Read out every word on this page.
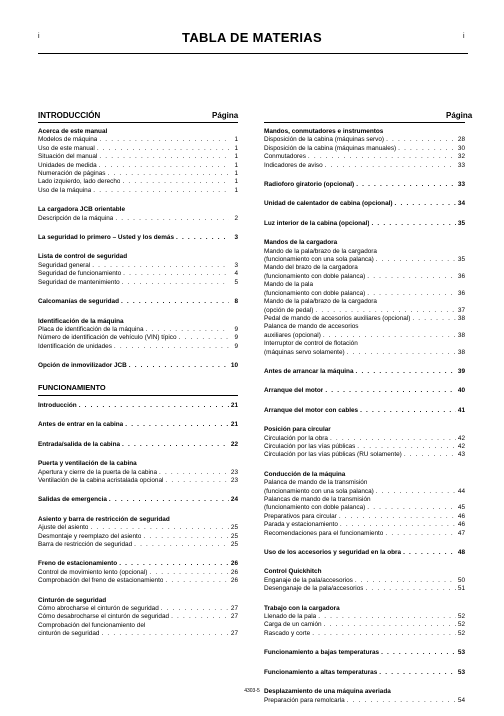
i	i
TABLA DE MATERIAS
INTRODUCCIÓN	Página	Página
Acerca de este manual
Modelos de máquina . . .	1
Uso de este manual . . .	1
Situación del manual . . .	1
Unidades de medida . . .	1
Numeración de páginas . . .	1
Lado izquierdo, lado derecho . . .	1
Uso de la máquina . . .	1
La cargadora JCB orientable
Descripción de la máquina . . .	2
La seguridad lo primero – Usted y los demás . . .	3
Lista de control de seguridad
Seguridad general . . .	3
Seguridad de funcionamiento . . .	4
Seguridad de mantenimiento . . .	5
Calcomanías de seguridad . . .	8
Identificación de la máquina
Placa de identificación de la máquina . . .	9
Número de identificación de vehículo (VIN) típico . . .	9
Identificación de unidades . . .	9
Opción de inmovilizador JCB . . .	10
FUNCIONAMIENTO
Introducción . . .	21
Antes de entrar en la cabina . . .	21
Entrada/salida de la cabina . . .	22
Puerta y ventilación de la cabina
Apertura y cierre de la puerta de la cabina . . .	23
Ventilación de la cabina acristalada opcional . . .	23
Salidas de emergencia . . .	24
Asiento y barra de restricción de seguridad
Ajuste del asiento . . .	25
Desmontaje y reemplazo del asiento . . .	25
Barra de restricción de seguridad . . .	25
Freno de estacionamiento . . .	26
Control de movimiento lento (opcional) . . .	26
Comprobación del freno de estacionamiento . . .	26
Cinturón de seguridad
Cómo abrocharse el cinturón de seguridad . . .	27
Cómo desabrocharse el cinturón de seguridad . . .	27
Comprobación del funcionamiento del
cinturón de seguridad . . .	27
Mandos, conmutadores e instrumentos
Disposición de la cabina (máquinas servo) . . .	28
Disposición de la cabina (máquinas manuales) . . .	30
Conmutadores . . .	32
Indicadores de aviso . . .	33
Radioforo giratorio (opcional) . . .	33
Unidad de calentador de cabina (opcional) . . .	34
Luz interior de la cabina (opcional) . . .	35
Mandos de la cargadora
Mando de la pala/brazo de la cargadora
(funcionamiento con una sola palanca) . . .	35
Mando del brazo de la cargadora
(funcionamiento con doble palanca) . . .	36
Mando de la pala
(funcionamiento con doble palanca) . . .	36
Mando de la pala/brazo de la cargadora
(opción de pedal) . . .	37
Pedal de mando de accesorios auxiliares (opcional) . . .	38
Palanca de mando de accesorios
auxiliares (opcional) . . .	38
Interruptor de control de flotación
(máquinas servo solamente) . . .	38
Antes de arrancar la máquina . . .	39
Arranque del motor . . .	40
Arranque del motor con cables . . .	41
Posición para circular
Circulación por la obra . . .	42
Circulación por las vías públicas . . .	42
Circulación por las vías públicas (RU solamente) . . .	43
Conducción de la máquina
Palanca de mando de la transmisión
(funcionamiento con una sola palanca) . . .	44
Palancas de mando de la transmisión
(funcionamiento con doble palanca) . . .	45
Preparativos para circular . . .	46
Parada y estacionamiento . . .	46
Recomendaciones para el funcionamiento . . .	47
Uso de los accesorios y seguridad en la obra . . .	48
Control Quickhitch
Enganaje de la pala/accesorios . . .	50
Desenganaje de la pala/accesorios . . .	51
Trabajo con la cargadora
Llenado de la pala . . .	52
Carga de un camión . . .	52
Rascado y corte . . .	52
Funcionamiento a bajas temperaturas . . .	53
Funcionamiento a altas temperaturas . . .	53
Desplazamiento de una máquina averiada
Preparación para remolcarla . . .	54
4303-5
